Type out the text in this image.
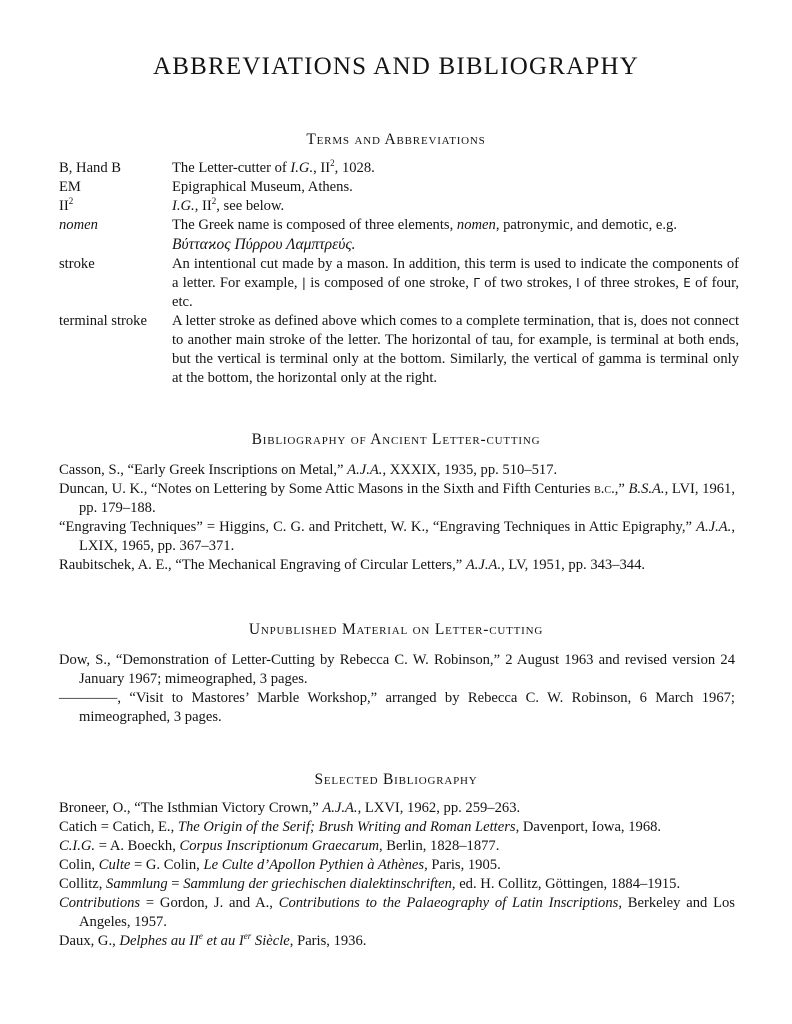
ABBREVIATIONS AND BIBLIOGRAPHY
Terms and Abbreviations
B, Hand B	The Letter-cutter of I.G., $II^2$, 1028.
EM	Epigraphical Museum, Athens.
$II^2$	I.G., $II^2$, see below.
nomen	The Greek name is composed of three elements, nomen, patronymic, and demotic, e.g.
Βύτταϰος Πύρρου Λαμπτρεύς.
stroke	An intentional cut made by a mason. In addition, this term is used to indicate the components of a letter. For example, | is composed of one stroke, Γ of two strokes, Ι of three strokes, Ε of four, etc.
terminal stroke	A letter stroke as defined above which comes to a complete termination, that is, does not connect to another main stroke of the letter. The horizontal of tau, for example, is terminal at both ends, but the vertical is terminal only at the bottom. Similarly, the vertical of gamma is terminal only at the bottom, the horizontal only at the right.
Bibliography of Ancient Letter-cutting
Casson, S., “Early Greek Inscriptions on Metal,” A.J.A., XXXIX, 1935, pp. 510–517.
Duncan, U. K., “Notes on Lettering by Some Attic Masons in the Sixth and Fifth Centuries b.c.,” B.S.A., LVI, 1961, pp. 179–188.
“Engraving Techniques” = Higgins, C. G. and Pritchett, W. K., “Engraving Techniques in Attic Epigraphy,” A.J.A., LXIX, 1965, pp. 367–371.
Raubitschek, A. E., “The Mechanical Engraving of Circular Letters,” A.J.A., LV, 1951, pp. 343–344.
Unpublished Material on Letter-cutting
Dow, S., “Demonstration of Letter-Cutting by Rebecca C. W. Robinson,” 2 August 1963 and revised version 24 January 1967; mimeographed, 3 pages.
————, “Visit to Mastores’ Marble Workshop,” arranged by Rebecca C. W. Robinson, 6 March 1967; mimeographed, 3 pages.
Selected Bibliography
Broneer, O., “The Isthmian Victory Crown,” A.J.A., LXVI, 1962, pp. 259–263.
Catich = Catich, E., The Origin of the Serif; Brush Writing and Roman Letters, Davenport, Iowa, 1968.
C.I.G. = A. Boeckh, Corpus Inscriptionum Graecarum, Berlin, 1828–1877.
Colin, Culte = G. Colin, Le Culte d’Apollon Pythien à Athènes, Paris, 1905.
Collitz, Sammlung = Sammlung der griechischen dialektinschriften, ed. H. Collitz, Göttingen, 1884–1915.
Contributions = Gordon, J. and A., Contributions to the Palaeography of Latin Inscriptions, Berkeley and Los Angeles, 1957.
Daux, G., Delphes au IIe et au Ier Siècle, Paris, 1936.
